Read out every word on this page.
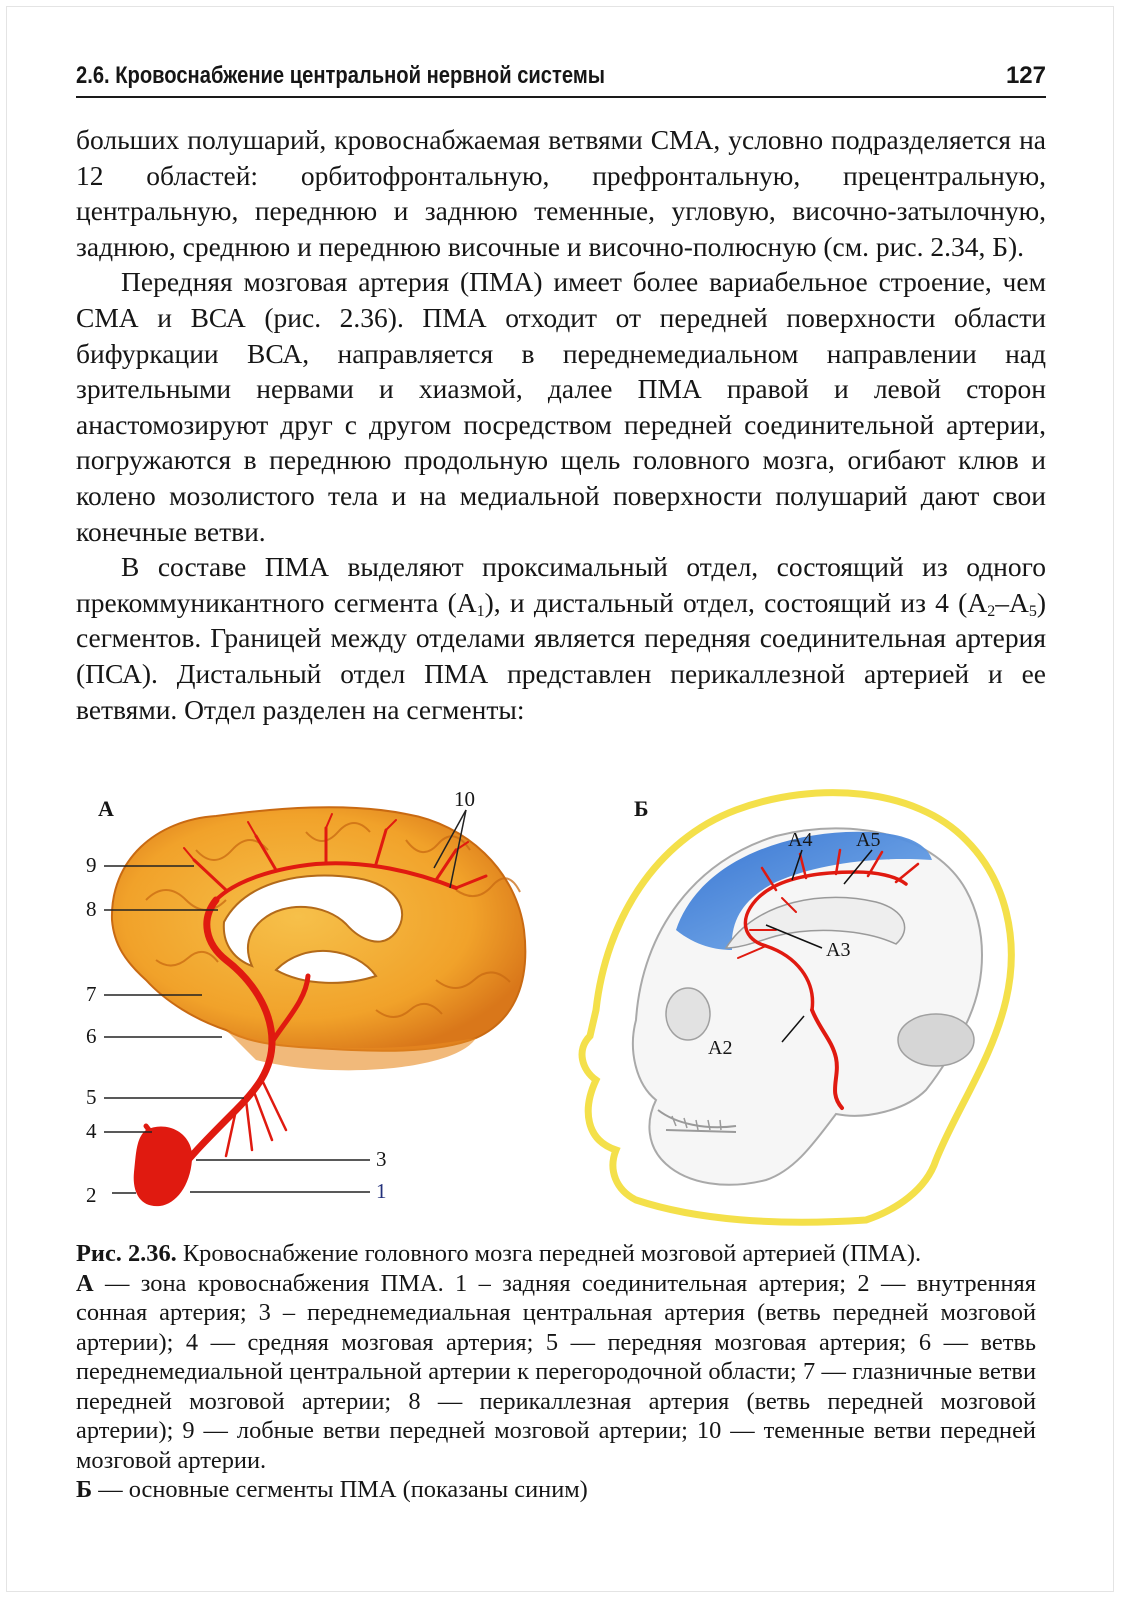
2.6. Кровоснабжение центральной нервной системы	127

больших полушарий, кровоснабжаемая ветвями СМА, условно подразделяется на 12 областей: орбитофронтальную, префронтальную, прецентральную, центральную, переднюю и заднюю теменные, угловую, височно-затылочную, заднюю, среднюю и переднюю височные и височно-полюсную (см. рис. 2.34, Б).

Передняя мозговая артерия (ПМА) имеет более вариабельное строение, чем СМА и ВСА (рис. 2.36). ПМА отходит от передней поверхности области бифуркации ВСА, направляется в переднемедиальном направлении над зрительными нервами и хиазмой, далее ПМА правой и левой сторон анастомозируют друг с другом посредством передней соединительной артерии, погружаются в переднюю продольную щель головного мозга, огибают клюв и колено мозолистого тела и на медиальной поверхности полушарий дают свои конечные ветви.

В составе ПМА выделяют проксимальный отдел, состоящий из одного прекоммуникантного сегмента $(А_1)$, и дистальный отдел, состоящий из 4 $(А_2-А_5)$ сегментов. Границей между отделами является передняя соединительная артерия (ПСА). Дистальный отдел ПМА представлен перикаллезной артерией и ее ветвями. Отдел разделен на сегменты:

А
1
2
3
4
5
6
7
8
9
10	Б
А4 А5
А3
А2

Рис. 2.36. Кровоснабжение головного мозга передней мозговой артерией (ПМА).

А — зона кровоснабжения ПМА. 1 – задняя соединительная артерия; 2 — внутренняя сонная артерия; 3 – переднемедиальная центральная артерия (ветвь передней мозговой артерии); 4 — средняя мозговая артерия; 5 — передняя мозговая артерия; 6 — ветвь переднемедиальной центральной артерии к перегородочной области; 7 — глазничные ветви передней мозговой артерии; 8 — перикаллезная артерия (ветвь передней мозговой артерии); 9 — лобные ветви передней мозговой артерии; 10 — теменные ветви передней мозговой артерии.

Б — основные сегменты ПМА (показаны синим)
